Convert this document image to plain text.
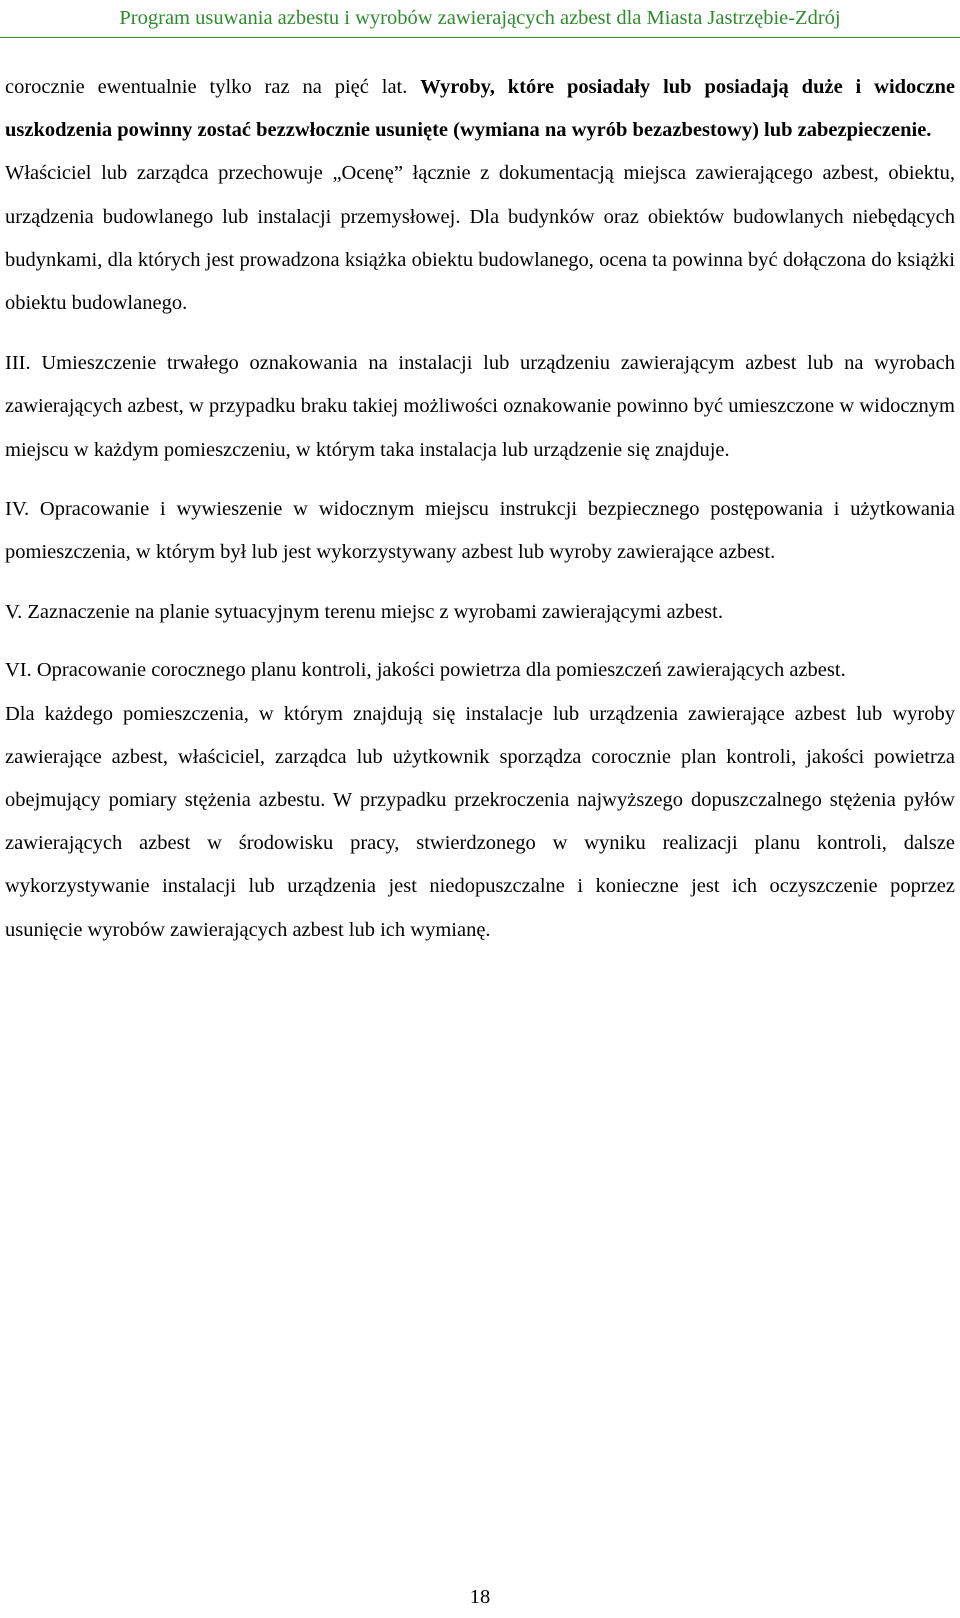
Program usuwania azbestu i wyrobów zawierających azbest dla Miasta Jastrzębie-Zdrój

corocznie ewentualnie tylko raz na pięć lat. Wyroby, które posiadały lub posiadają duże i widoczne uszkodzenia powinny zostać bezzwłocznie usunięte (wymiana na wyrób bezazbestowy) lub zabezpieczenie.

Właściciel lub zarządca przechowuje „Ocenę” łącznie z dokumentacją miejsca zawierającego azbest, obiektu, urządzenia budowlanego lub instalacji przemysłowej. Dla budynków oraz obiektów budowlanych niebędących budynkami, dla których jest prowadzona książka obiektu budowlanego, ocena ta powinna być dołączona do książki obiektu budowlanego.

III. Umieszczenie trwałego oznakowania na instalacji lub urządzeniu zawierającym azbest lub na wyrobach zawierających azbest, w przypadku braku takiej możliwości oznakowanie powinno być umieszczone w widocznym miejscu w każdym pomieszczeniu, w którym taka instalacja lub urządzenie się znajduje.

IV. Opracowanie i wywieszenie w widocznym miejscu instrukcji bezpiecznego postępowania i użytkowania pomieszczenia, w którym był lub jest wykorzystywany azbest lub wyroby zawierające azbest.

V. Zaznaczenie na planie sytuacyjnym terenu miejsc z wyrobami zawierającymi azbest.

VI. Opracowanie corocznego planu kontroli, jakości powietrza dla pomieszczeń zawierających azbest.

Dla każdego pomieszczenia, w którym znajdują się instalacje lub urządzenia zawierające azbest lub wyroby zawierające azbest, właściciel, zarządca lub użytkownik sporządza corocznie plan kontroli, jakości powietrza obejmujący pomiary stężenia azbestu. W przypadku przekroczenia najwyższego dopuszczalnego stężenia pyłów zawierających azbest w środowisku pracy, stwierdzonego w wyniku realizacji planu kontroli, dalsze wykorzystywanie instalacji lub urządzenia jest niedopuszczalne i konieczne jest ich oczyszczenie poprzez usunięcie wyrobów zawierających azbest lub ich wymianę.

18
